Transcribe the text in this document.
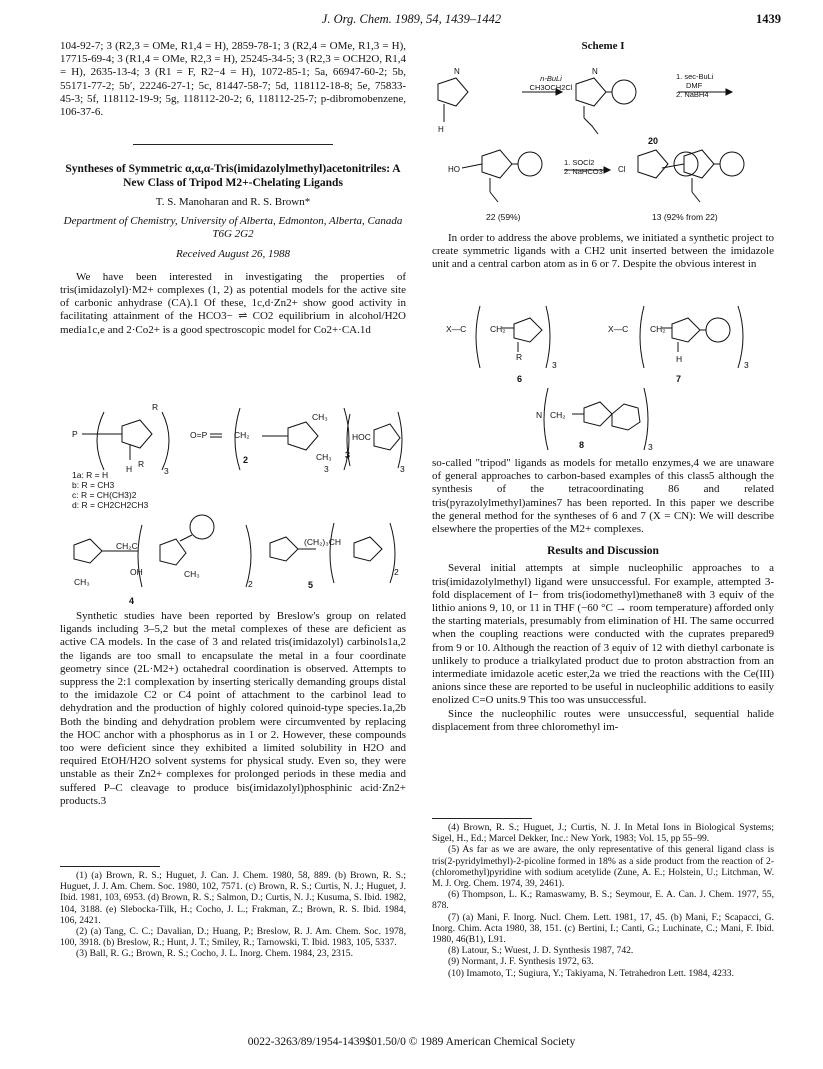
J. Org. Chem. 1989, 54, 1439–1442	1439

104-92-7; 3 (R2,3 = OMe, R1,4 = H), 2859-78-1; 3 (R2,4 = OMe, R1,3 = H), 17715-69-4; 3 (R1,4 = OMe, R2,3 = H), 25245-34-5; 3 (R2,3 = OCH2O, R1,4 = H), 2635-13-4; 3 (R1 = F, R2−4 = H), 1072-85-1; 5a, 66947-60-2; 5b, 55171-77-2; 5b′, 22246-27-1; 5c, 81447-58-7; 5d, 118112-18-8; 5e, 75833-45-3; 5f, 118112-19-9; 5g, 118112-20-2; 6, 118112-25-7; p-dibromobenzene, 106-37-6.

Syntheses of Symmetric α,α,α-Tris(imidazolylmethyl)acetonitriles: A New Class of Tripod M2+-Chelating Ligands

T. S. Manoharan and R. S. Brown*

Department of Chemistry, University of Alberta, Edmonton, Alberta, Canada T6G 2G2

Received August 26, 1988

We have been interested in investigating the properties of tris(imidazolyl)·M2+ complexes (1, 2) as potential models for the active site of carbonic anhydrase (CA).1 Of these, 1c,d·Zn2+ show good activity in facilitating attainment of the HCO3− ⇌ CO2 equilibrium in alcohol/H2O media1c,e and 2·Co2+ is a good spectroscopic model for Co2+·CA.1d

P
R
R
H
O=P	CH₂
CH₃
CH₃
3
3
HOC
3
1a: R = H
b: R = CH3
c: R = CH(CH3)2
d: R = CH2CH2CH3
2	3
CH₂C
OH
CH₃
CH₃
2
(CH₂)₃CH
2
4
5

Synthetic studies have been reported by Breslow's group on related ligands including 3–5,2 but the metal complexes of these are deficient as active CA models. In the case of 3 and related tris(imidazolyl) carbinols1a,2 the ligands are too small to encapsulate the metal in a four coordinate geometry since (2L·M2+) octahedral coordination is observed. Attempts to suppress the 2:1 complexation by inserting sterically demanding groups distal to the imidazole C2 or C4 point of attachment to the carbinol lead to dehydration and the production of highly colored quinoid-type species.1a,2b Both the binding and dehydration problem were circumvented by replacing the HOC anchor with a phosphorus as in 1 or 2. However, these compounds too were deficient since they exhibited a limited solubility in H2O and required EtOH/H2O solvent systems for physical study. Even so, they were unstable as their Zn2+ complexes for prolonged periods in these media and suffered P–C cleavage to produce bis(imidazolyl)phosphinic acid·Zn2+ products.3

(1) (a) Brown, R. S.; Huguet, J. Can. J. Chem. 1980, 58, 889. (b) Brown, R. S.; Huguet, J. J. Am. Chem. Soc. 1980, 102, 7571. (c) Brown, R. S.; Curtis, N. J.; Huguet, J. Ibid. 1981, 103, 6953. (d) Brown, R. S.; Salmon, D.; Curtis, N. J.; Kusuma, S. Ibid. 1982, 104, 3188. (e) Slebocka-Tilk, H.; Cocho, J. L.; Frakman, Z.; Brown, R. S. Ibid. 1984, 106, 2421.

(2) (a) Tang, C. C.; Davalian, D.; Huang, P.; Breslow, R. J. Am. Chem. Soc. 1978, 100, 3918. (b) Breslow, R.; Hunt, J. T.; Smiley, R.; Tarnowski, T. Ibid. 1983, 105, 5337.

(3) Ball, R. G.; Brown, R. S.; Cocho, J. L. Inorg. Chem. 1984, 23, 2315.

Scheme I
N
H
N
HO	Cl
n-BuLi
CH3OCH2Cl
1. sec-BuLi
DMF
2. NaBH4
20
1. SOCl2
2. NaHCO3
22 (59%)	13 (92% from 22)

In order to address the above problems, we initiated a synthetic project to create symmetric ligands with a CH2 unit inserted between the imidazole unit and a central carbon atom as in 6 or 7. Despite the obvious interest in

X—C	CH₂
R
3
X—C	CH₂
H
3
N CH₂
3
6	7
8

so-called "tripod" ligands as models for metallo enzymes,4 we are unaware of general approaches to carbon-based examples of this class5 although the synthesis of the tetracoordinating 86 and related tris(pyrazolylmethyl)amines7 has been reported. In this paper we describe the general method for the syntheses of 6 and 7 (X = CN): We will describe elsewhere the properties of the M2+ complexes.

Results and Discussion

Several initial attempts at simple nucleophilic approaches to a tris(imidazolylmethyl) ligand were unsuccessful. For example, attempted 3-fold displacement of I− from tris(iodomethyl)methane8 with 3 equiv of the lithio anions 9, 10, or 11 in THF (−60 °C → room temperature) afforded only the starting materials, presumably from elimination of HI. The same occurred when the coupling reactions were conducted with the cuprates prepared9 from 9 or 10. Although the reaction of 3 equiv of 12 with diethyl carbonate is unlikely to produce a trialkylated product due to proton abstraction from an intermediate imidazole acetic ester,2a we tried the reactions with the Ce(III) anions since these are reported to be useful in nucleophilic additions to easily enolized C=O units.9 This too was unsuccessful.

Since the nucleophilic routes were unsuccessful, sequential halide displacement from three chloromethyl im-

(4) Brown, R. S.; Huguet, J.; Curtis, N. J. In Metal Ions in Biological Systems; Sigel, H., Ed.; Marcel Dekker, Inc.: New York, 1983; Vol. 15, pp 55–99.

(5) As far as we are aware, the only representative of this general ligand class is tris(2-pyridylmethyl)-2-picoline formed in 18% as a side product from the reaction of 2-(chloromethyl)pyridine with sodium acetylide (Zune, A. E.; Holstein, U.; Litchman, W. M. J. Org. Chem. 1974, 39, 2461).

(6) Thompson, L. K.; Ramaswamy, B. S.; Seymour, E. A. Can. J. Chem. 1977, 55, 878.

(7) (a) Mani, F. Inorg. Nucl. Chem. Lett. 1981, 17, 45. (b) Mani, F.; Scapacci, G. Inorg. Chim. Acta 1980, 38, 151. (c) Bertini, I.; Canti, G.; Luchinate, C.; Mani, F. Ibid. 1980, 46(B1), L91.

(8) Latour, S.; Wuest, J. D. Synthesis 1987, 742.

(9) Normant, J. F. Synthesis 1972, 63.

(10) Imamoto, T.; Sugiura, Y.; Takiyama, N. Tetrahedron Lett. 1984, 4233.

0022-3263/89/1954-1439$01.50/0 © 1989 American Chemical Society
